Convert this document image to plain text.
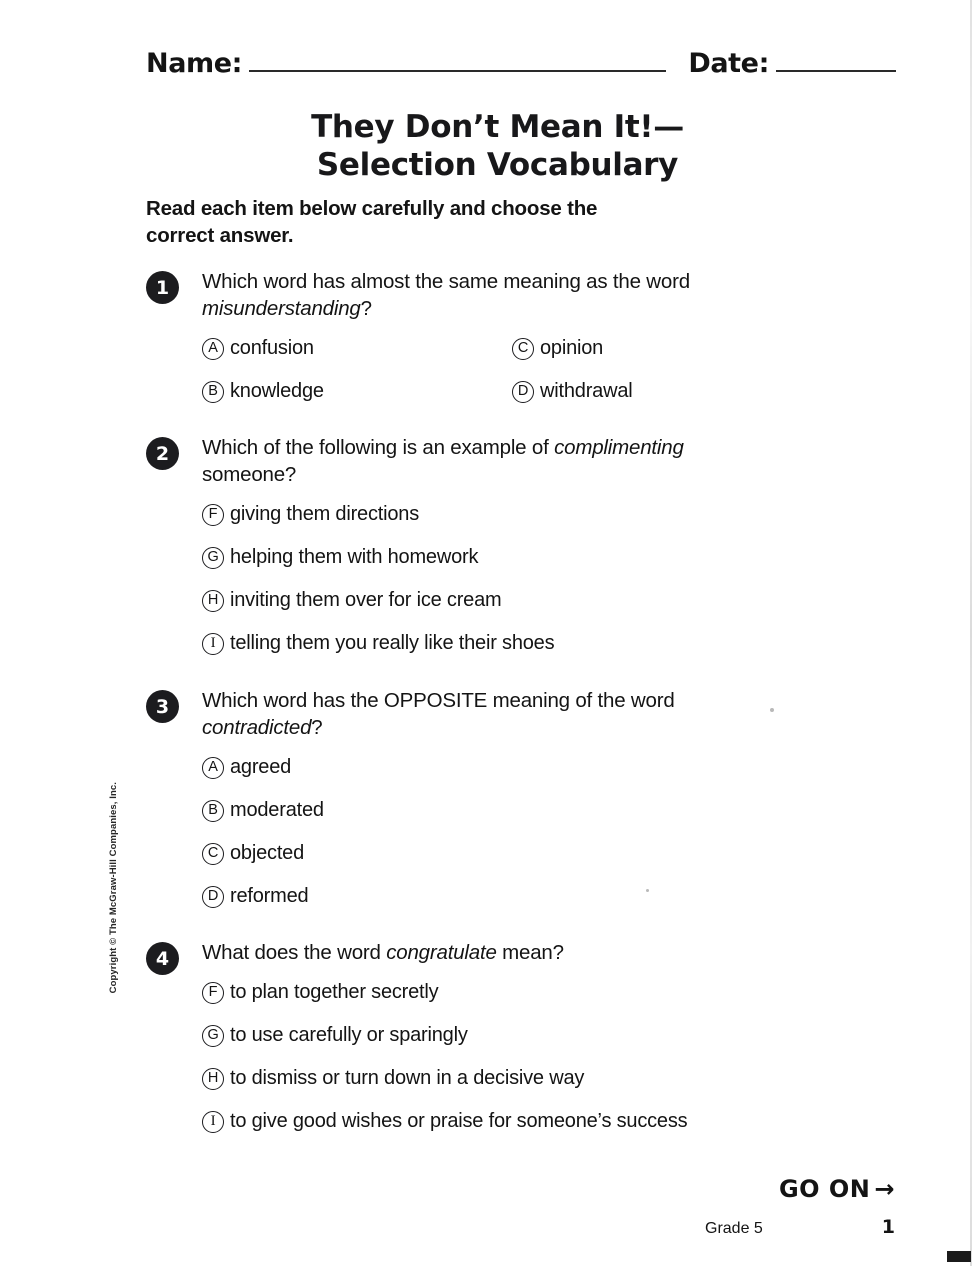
Name:	Date:
They Don’t Mean It!—
Selection Vocabulary
Read each item below carefully and choose the correct answer.
1	Which word has almost the same meaning as the word misunderstanding?
A confusion	C opinion
B knowledge	D withdrawal
2	Which of the following is an example of complimenting someone?
F giving them directions
G helping them with homework
H inviting them over for ice cream
I telling them you really like their shoes
3	Which word has the OPPOSITE meaning of the word contradicted?
A agreed
B moderated
C objected
D reformed
4	What does the word congratulate mean?
F to plan together secretly
G to use carefully or sparingly
H to dismiss or turn down in a decisive way
I to give good wishes or praise for someone’s success
Copyright © The McGraw-Hill Companies, Inc.
GO ON →
Grade 5	1
